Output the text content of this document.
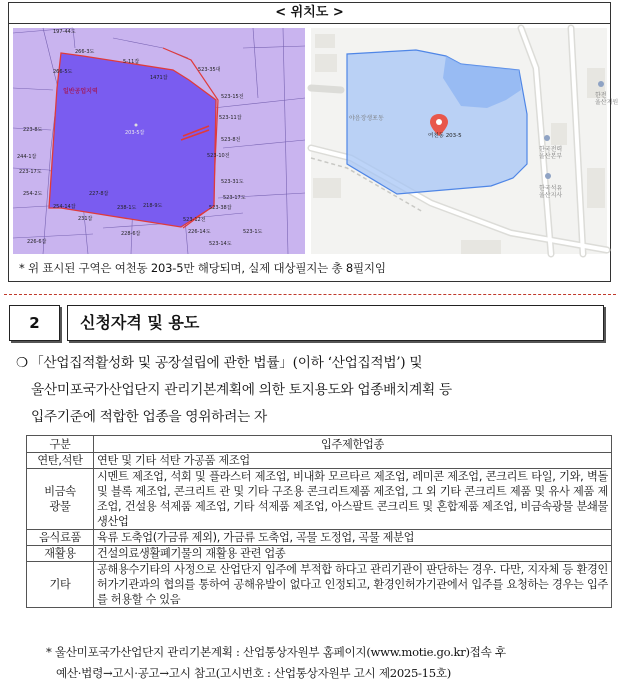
< 위치도 >
일반공업지역
203-5잡
197-44도
266-3도
266-5도	523-35대
1471잡
5-11잡
523-15전
523-11잡
523-8전
523-10전
523-31도
523-17도
244-1잡
223-17도
223-8도
254-2도
254-14잡
231잡
238-1도
226-6잡
228-6잡
227-8잡
218-9도
523-12전
523-38잡
523-1도
523-14도
226-14도
야음장생포동
여천동 203-5
한국전력
울산본부
한국석유
울산지사
한전
울산지원
* 위 표시된 구역은 여천동 203-5만 해당되며, 실제 대상필지는 총 8필지임
2	신청자격 및 용도
❍ 「산업집적활성화 및 공장설립에 관한 법률」(이하 ‘산업집적법’) 및
울산미포국가산업단지 관리기본계획에 의한 토지용도와 업종배치계획 등
입주기준에 적합한 업종을 영위하려는 자
구분	입주제한업종
연탄,석탄	연탄 및 기타 석탄 가공품 제조업
비금속
광물	시멘트 제조업, 석회 및 플라스터 제조업, 비내화 모르타르 제조업, 레미콘 제조업, 콘크리트 타일, 기와, 벽돌 및 블록 제조업, 콘크리트 관 및 기타 구조용 콘크리트제품 제조업, 그 외 기타 콘크리트 제품 및 유사 제품 제조업, 건설용 석제품 제조업, 기타 석제품 제조업, 아스팔트 콘크리트 및 혼합제품 제조업, 비금속광물 분쇄물 생산업
음식료품	육류 도축업(가금류 제외), 가금류 도축업, 곡물 도정업, 곡물 제분업
재활용	건설의료생활폐기물의 재활용 관련 업종
기타	공해용수기타의 사정으로 산업단지 입주에 부적합 하다고 관리기관이 판단하는 경우. 다만, 지자체 등 환경인허가기관과의 협의를 통하여 공해유발이 없다고 인정되고, 환경인허가기관에서 입주를 요청하는 경우는 입주를 허용할 수 있음
* 울산미포국가산업단지 관리기본계획 : 산업통상자원부 홈페이지(www.motie.go.kr)접속 후
예산·법령→고시·공고→고시 참고(고시번호 : 산업통상자원부 고시 제2025-15호)
